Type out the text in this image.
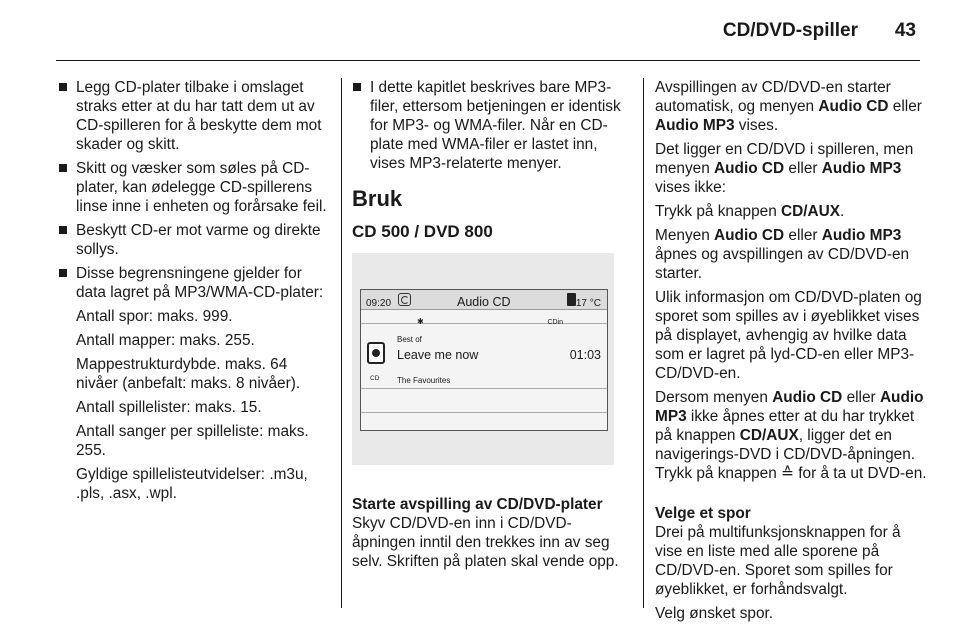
CD/DVD-spiller 43
Legg CD-plater tilbake i omslaget straks etter at du har tatt dem ut av CD-spilleren for å beskytte dem mot skader og skitt.
Skitt og væsker som søles på CD-plater, kan ødelegge CD-spillerens linse inne i enheten og forårsake feil.
Beskytt CD-er mot varme og direkte sollys.
Disse begrensningene gjelder for data lagret på MP3/WMA-CD-plater:
Antall spor: maks. 999.
Antall mapper: maks. 255.
Mappestrukturdybde. maks. 64 nivåer (anbefalt: maks. 8 nivåer).
Antall spillelister: maks. 15.
Antall sanger per spilleliste: maks. 255.
Gyldige spillelisteutvidelser: .m3u, .pls, .asx, .wpl.
I dette kapitlet beskrives bare MP3-filer, ettersom betjeningen er identisk for MP3- og WMA-filer. Når en CD-plate med WMA-filer er lastet inn, vises MP3-relaterte menyer.
Bruk
CD 500 / DVD 800
09:20	Audio CD	17 °C
✱	CDin
CD
Best of
Leave me now	01:03
The Favourites
Starte avspilling av CD/DVD-plater

Skyv CD/DVD-en inn i CD/DVD-åpningen inntil den trekkes inn av seg selv. Skriften på platen skal vende opp.

Avspillingen av CD/DVD-en starter automatisk, og menyen Audio CD eller Audio MP3 vises.

Det ligger en CD/DVD i spilleren, men menyen Audio CD eller Audio MP3 vises ikke:

Trykk på knappen CD/AUX.

Menyen Audio CD eller Audio MP3 åpnes og avspillingen av CD/DVD-en starter.

Ulik informasjon om CD/DVD-platen og sporet som spilles av i øyeblikket vises på displayet, avhengig av hvilke data som er lagret på lyd-CD-en eller MP3-CD/DVD-en.

Dersom menyen Audio CD eller Audio MP3 ikke åpnes etter at du har trykket på knappen CD/AUX, ligger det en navigerings-DVD i CD/DVD-åpningen. Trykk på knappen ≙ for å ta ut DVD-en.

Velge et spor

Drei på multifunksjonsknappen for å vise en liste med alle sporene på CD/DVD-en. Sporet som spilles for øyeblikket, er forhåndsvalgt.

Velg ønsket spor.
